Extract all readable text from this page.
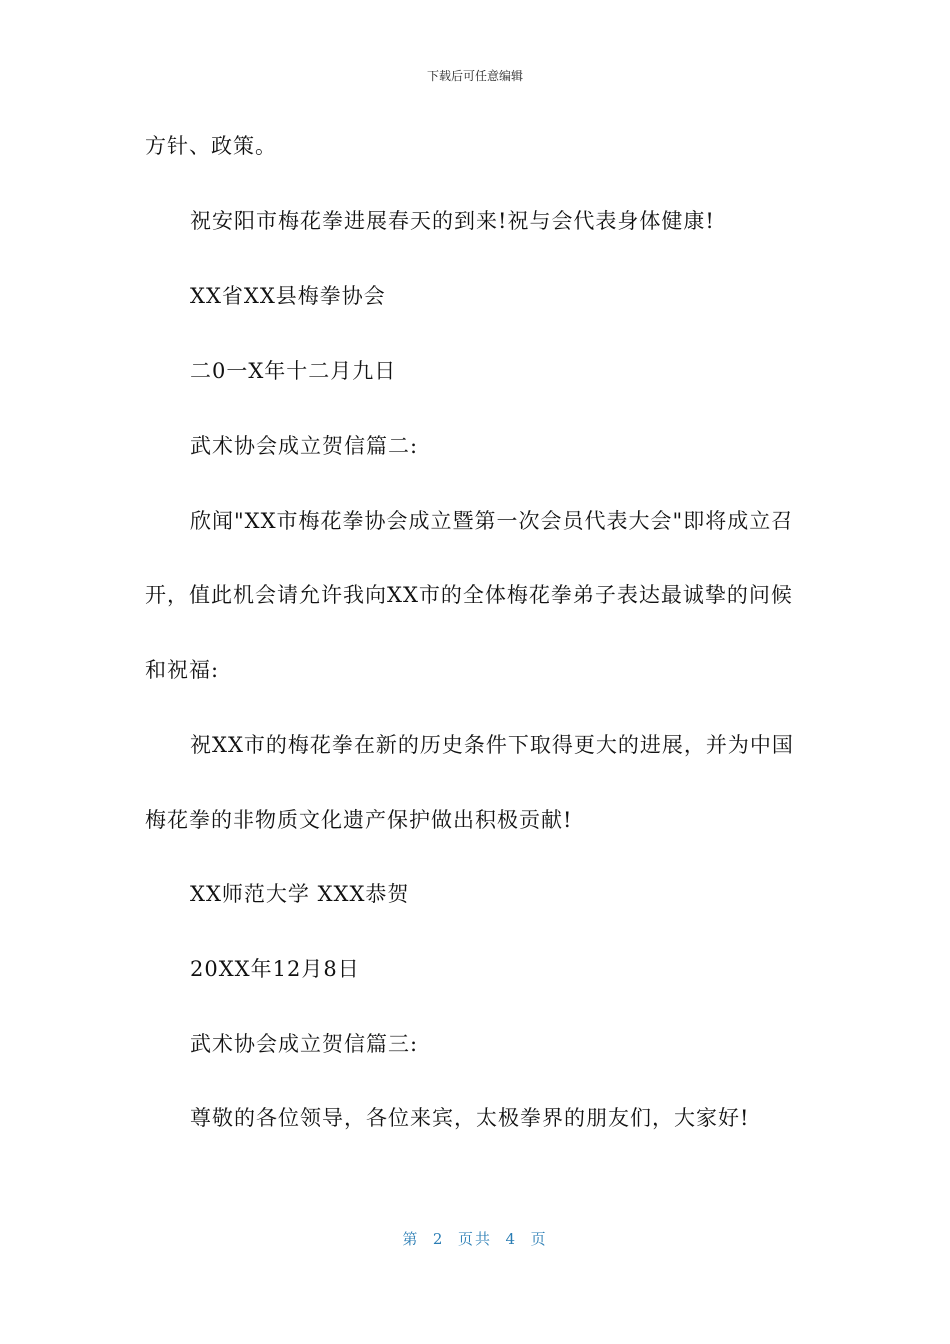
下载后可任意编辑
方针、政策。
祝安阳市梅花拳进展春天的到来!祝与会代表身体健康!
XX省XX县梅拳协会
二0一X年十二月九日
武术协会成立贺信篇二:
欣闻"XX市梅花拳协会成立暨第一次会员代表大会"即将成立召
开，值此机会请允许我向XX市的全体梅花拳弟子表达最诚挚的问候
和祝福:
祝XX市的梅花拳在新的历史条件下取得更大的进展，并为中国
梅花拳的非物质文化遗产保护做出积极贡献!
XX师范大学 XXX恭贺
20XX年12月8日
武术协会成立贺信篇三:
尊敬的各位领导，各位来宾，太极拳界的朋友们，大家好!
第  2  页共  4  页
